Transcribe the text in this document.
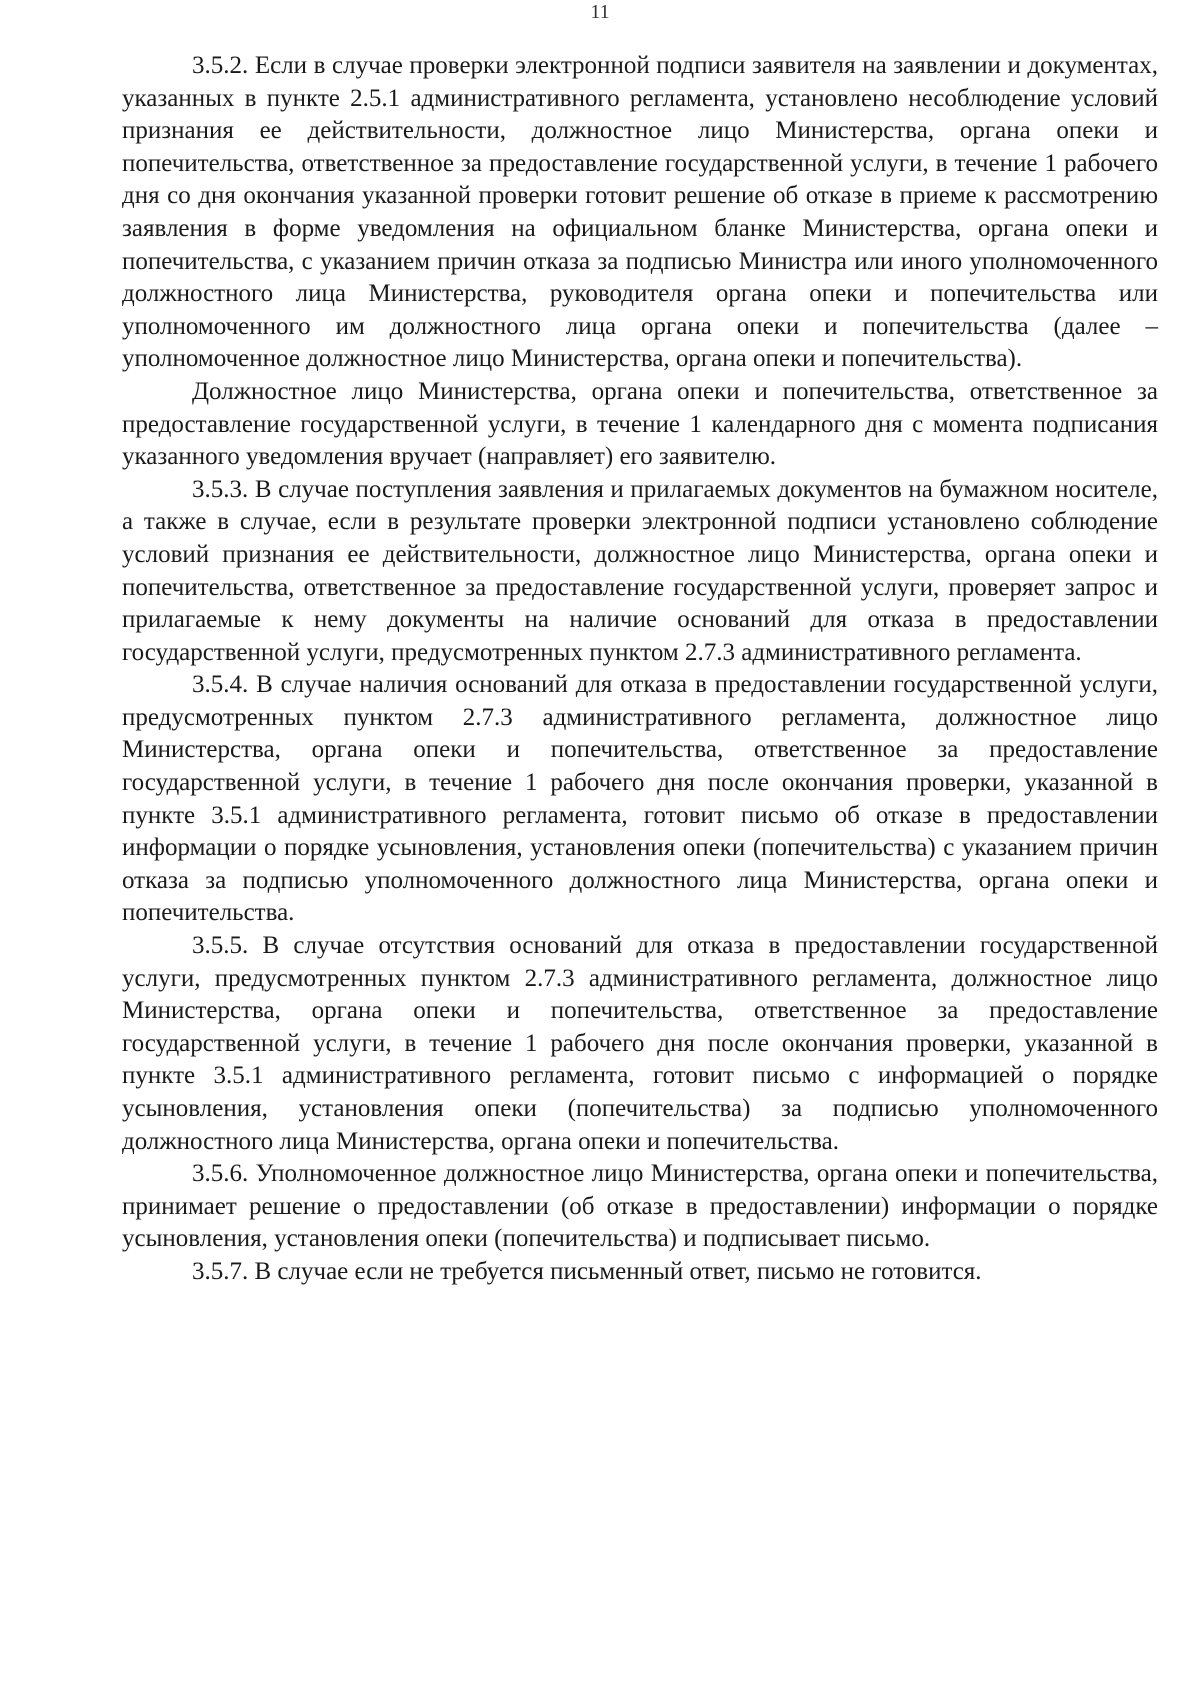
11

3.5.2. Если в случае проверки электронной подписи заявителя на заявлении и документах, указанных в пункте 2.5.1 административного регламента, установлено несоблюдение условий признания ее действительности, должностное лицо Министерства, органа опеки и попечительства, ответственное за предоставление государственной услуги, в течение 1 рабочего дня со дня окончания указанной проверки готовит решение об отказе в приеме к рассмотрению заявления в форме уведомления на официальном бланке Министерства, органа опеки и попечительства, с указанием причин отказа за подписью Министра или иного уполномоченного должностного лица Министерства, руководителя органа опеки и попечительства или уполномоченного им должностного лица органа опеки и попечительства (далее – уполномоченное должностное лицо Министерства, органа опеки и попечительства).

Должностное лицо Министерства, органа опеки и попечительства, ответственное за предоставление государственной услуги, в течение 1 календарного дня с момента подписания указанного уведомления вручает (направляет) его заявителю.

3.5.3. В случае поступления заявления и прилагаемых документов на бумажном носителе, а также в случае, если в результате проверки электронной подписи установлено соблюдение условий признания ее действительности, должностное лицо Министерства, органа опеки и попечительства, ответственное за предоставление государственной услуги, проверяет запрос и прилагаемые к нему документы на наличие оснований для отказа в предоставлении государственной услуги, предусмотренных пунктом 2.7.3 административного регламента.

3.5.4. В случае наличия оснований для отказа в предоставлении государственной услуги, предусмотренных пунктом 2.7.3 административного регламента, должностное лицо Министерства, органа опеки и попечительства, ответственное за предоставление государственной услуги, в течение 1 рабочего дня после окончания проверки, указанной в пункте 3.5.1 административного регламента, готовит письмо об отказе в предоставлении информации о порядке усыновления, установления опеки (попечительства) с указанием причин отказа за подписью уполномоченного должностного лица Министерства, органа опеки и попечительства.

3.5.5. В случае отсутствия оснований для отказа в предоставлении государственной услуги, предусмотренных пунктом 2.7.3 административного регламента, должностное лицо Министерства, органа опеки и попечительства, ответственное за предоставление государственной услуги, в течение 1 рабочего дня после окончания проверки, указанной в пункте 3.5.1 административного регламента, готовит письмо с информацией о порядке усыновления, установления опеки (попечительства) за подписью уполномоченного должностного лица Министерства, органа опеки и попечительства.

3.5.6. Уполномоченное должностное лицо Министерства, органа опеки и попечительства, принимает решение о предоставлении (об отказе в предоставлении) информации о порядке усыновления, установления опеки (попечительства) и подписывает письмо.

3.5.7. В случае если не требуется письменный ответ, письмо не готовится.
